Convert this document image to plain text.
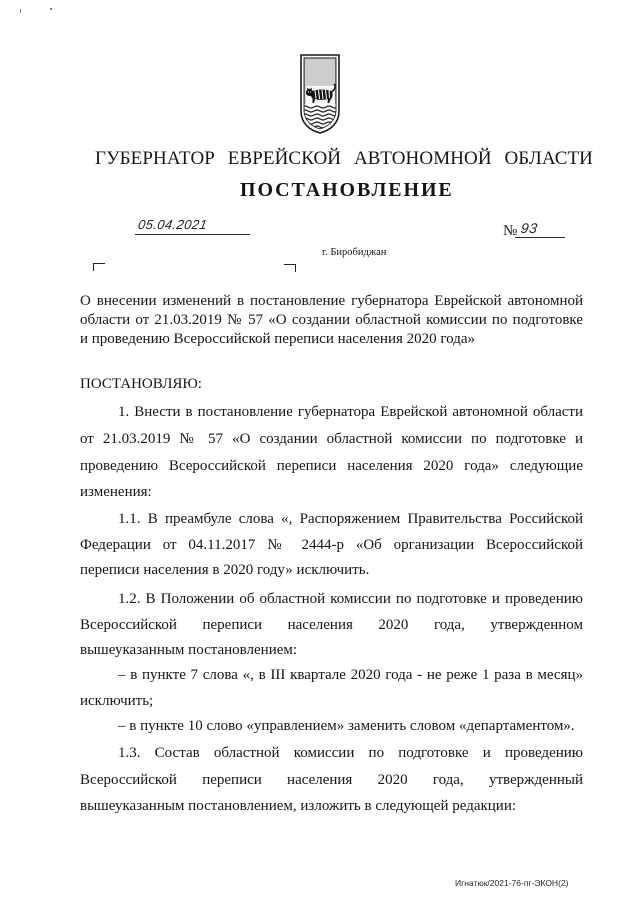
ГУБЕРНАТОР ЕВРЕЙСКОЙ АВТОНОМНОЙ ОБЛАСТИ
ПОСТАНОВЛЕНИЕ
05.04.2021	№ 93
г. Биробиджан
О внесении изменений в постановление губернатора Еврейской автономной
области от 21.03.2019 № 57 «О создании областной комиссии по подготовке
и проведению Всероссийской переписи населения 2020 года»
ПОСТАНОВЛЯЮ:
1. Внести в постановление губернатора Еврейской автономной области
от 21.03.2019 № 57 «О создании областной комиссии по подготовке и
проведению Всероссийской переписи населения 2020 года» следующие
изменения:
1.1. В преамбуле слова «, Распоряжением Правительства Российской
Федерации от 04.11.2017 № 2444-р «Об организации Всероссийской
переписи населения в 2020 году» исключить.
1.2. В Положении об областной комиссии по подготовке и проведению
Всероссийской переписи населения 2020 года, утвержденном
вышеуказанным постановлением:
– в пункте 7 слова «, в III квартале 2020 года - не реже 1 раза в месяц»
исключить;
– в пункте 10 слово «управлением» заменить словом «департаментом».
1.3. Состав областной комиссии по подготовке и проведению
Всероссийской переписи населения 2020 года, утвержденный
вышеуказанным постановлением, изложить в следующей редакции:
Игнатюк/2021-76-пг-ЭКОН(2)
